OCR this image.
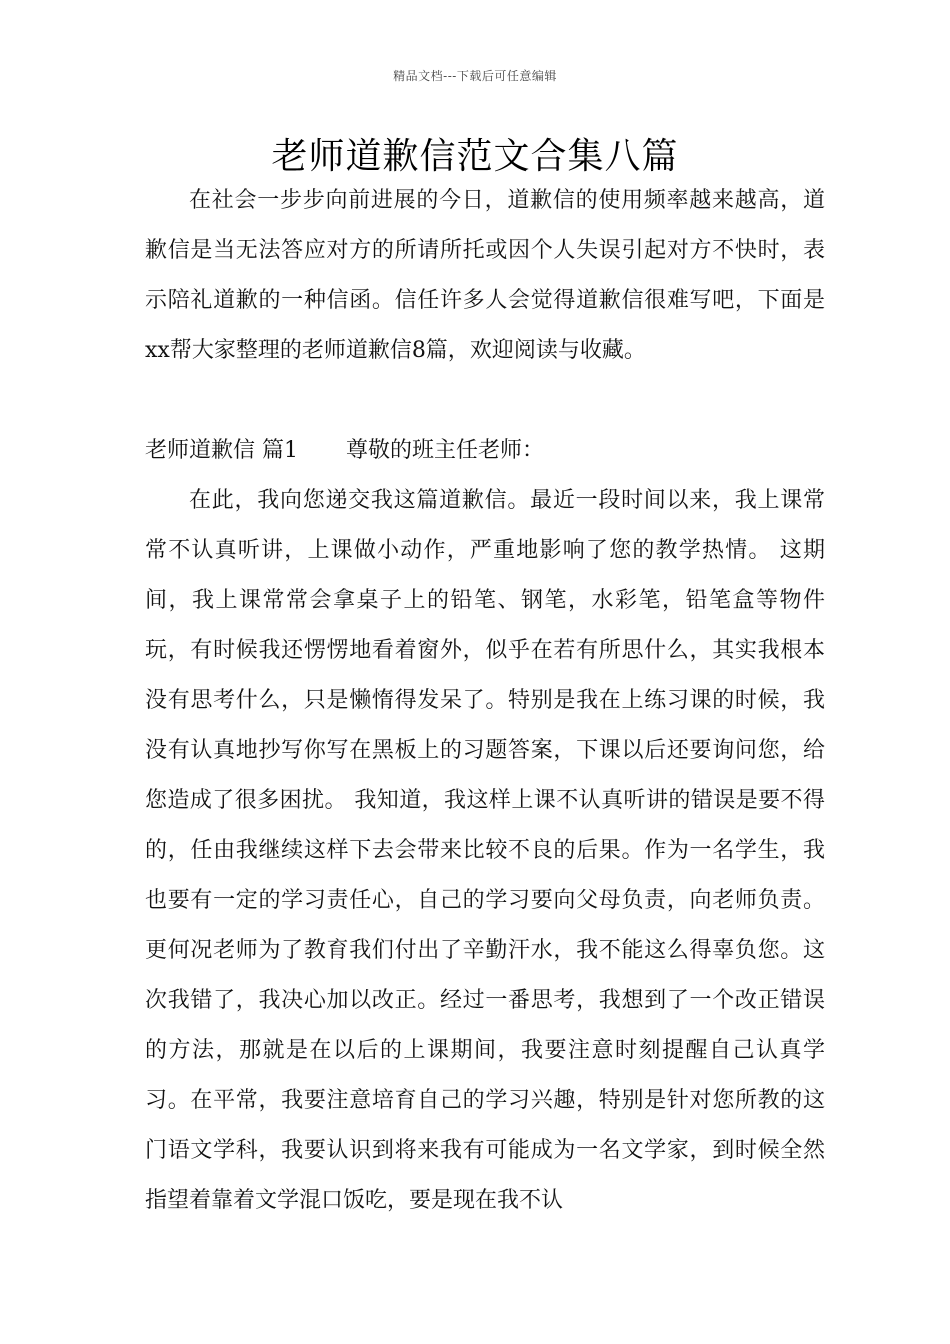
精品文档---下载后可任意编辑
老师道歉信范文合集八篇

在社会一步步向前进展的今日，道歉信的使用频率越来越高，道歉信是当无法答应对方的所请所托或因个人失误引起对方不快时，表示陪礼道歉的一种信函。信任许多人会觉得道歉信很难写吧，下面是xx帮大家整理的老师道歉信8篇，欢迎阅读与收藏。

老师道歉信 篇1 尊敬的班主任老师：

在此，我向您递交我这篇道歉信。最近一段时间以来，我上课常常不认真听讲，上课做小动作，严重地影响了您的教学热情。 这期间，我上课常常会拿桌子上的铅笔、钢笔，水彩笔，铅笔盒等物件玩，有时候我还愣愣地看着窗外，似乎在若有所思什么，其实我根本没有思考什么，只是懒惰得发呆了。特别是我在上练习课的时候，我没有认真地抄写你写在黑板上的习题答案，下课以后还要询问您，给您造成了很多困扰。 我知道，我这样上课不认真听讲的错误是要不得的，任由我继续这样下去会带来比较不良的后果。作为一名学生，我也要有一定的学习责任心，自己的学习要向父母负责，向老师负责。更何况老师为了教育我们付出了辛勤汗水，我不能这么得辜负您。这次我错了，我决心加以改正。经过一番思考，我想到了一个改正错误的方法，那就是在以后的上课期间，我要注意时刻提醒自己认真学习。在平常，我要注意培育自己的学习兴趣，特别是针对您所教的这门语文学科，我要认识到将来我有可能成为一名文学家，到时候全然指望着靠着文学混口饭吃，要是现在我不认
